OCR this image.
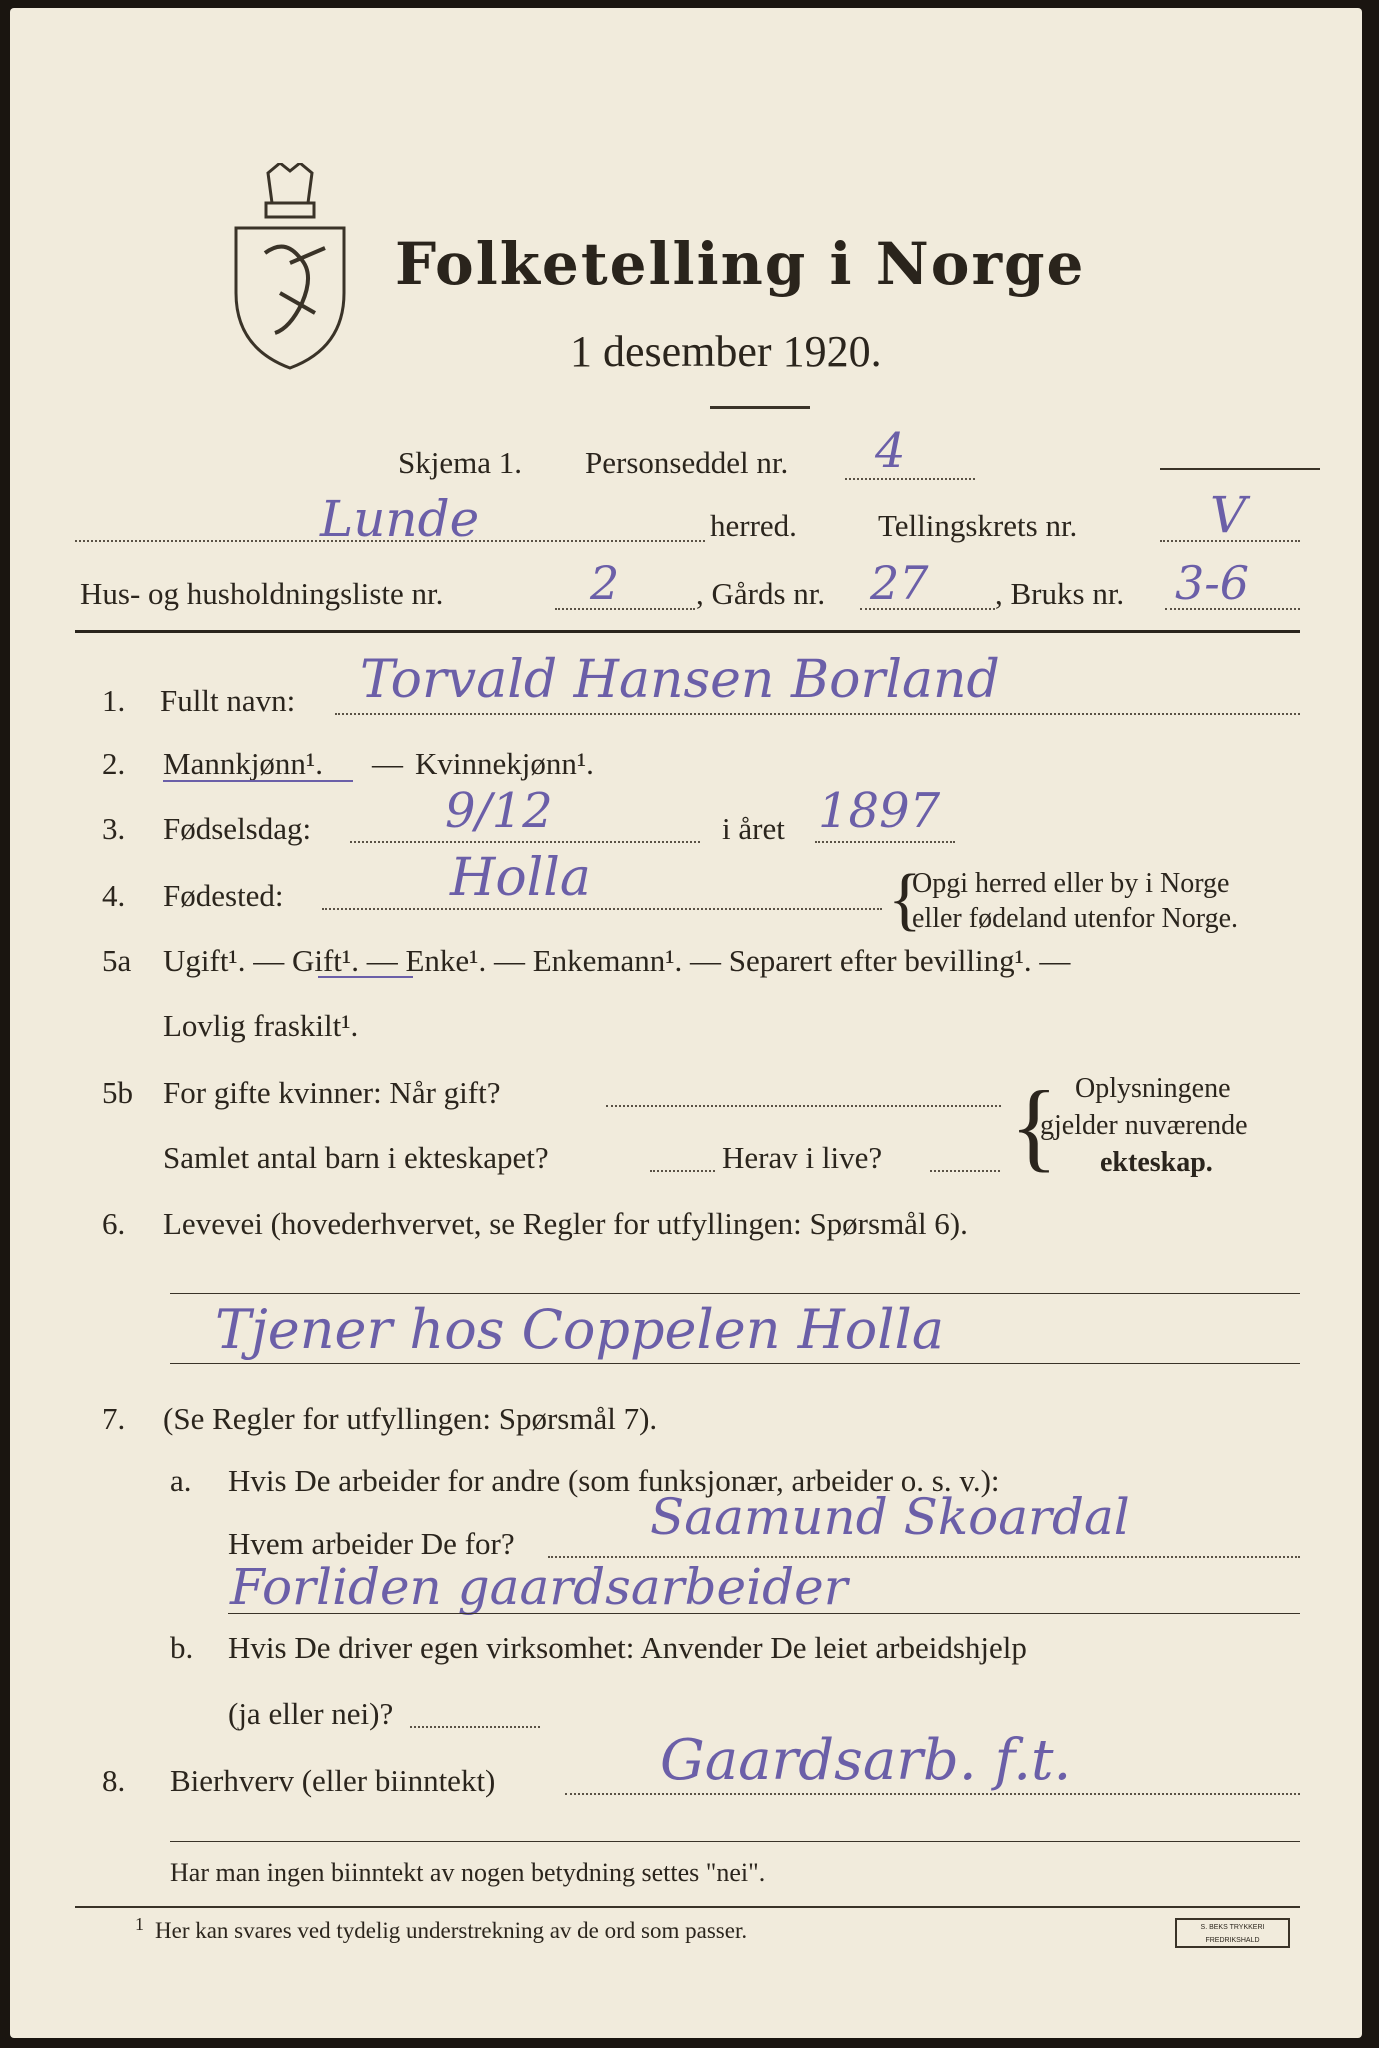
Folketelling i Norge
1 desember 1920.
Skjema 1. Personseddel nr. 4
Lunde	herred.	Tellingskrets nr.	V
Hus- og husholdningsliste nr.	2 , Gårds nr. 27 , Bruks nr. 3-6
1. Fullt navn: Torvald Hansen Borland
2. Mannkjønn¹. — Kvinnekjønn¹.
3. Fødselsdag:	9/12	i året 1897
4. Fødested:	Holla	{
Opgi herred eller by i Norge
eller fødeland utenfor Norge.
5a Ugift¹. — Gift¹. — Enke¹. — Enkemann¹. — Separert efter bevilling¹. —
Lovlig fraskilt¹.
5b For gifte kvinner: Når gift?
Samlet antal barn i ekteskapet?	Herav i live? { Oplysningene
gjelder nuværende
ekteskap.
6. Levevei (hovederhvervet, se Regler for utfyllingen: Spørsmål 6).
Tjener hos Coppelen Holla
7. (Se Regler for utfyllingen: Spørsmål 7).
a. Hvis De arbeider for andre (som funksjonær, arbeider o. s. v.):
Hvem arbeider De for?	Saamund Skoardal
Forliden gaardsarbeider
b. Hvis De driver egen virksomhet: Anvender De leiet arbeidshjelp
(ja eller nei)?
8. Bierhverv (eller biinntekt)	Gaardsarb. f.t.
Har man ingen biinntekt av nogen betydning settes "nei".
1 Her kan svares ved tydelig understrekning av de ord som passer.	S. BEKS TRYKKERI FREDRIKSHALD
